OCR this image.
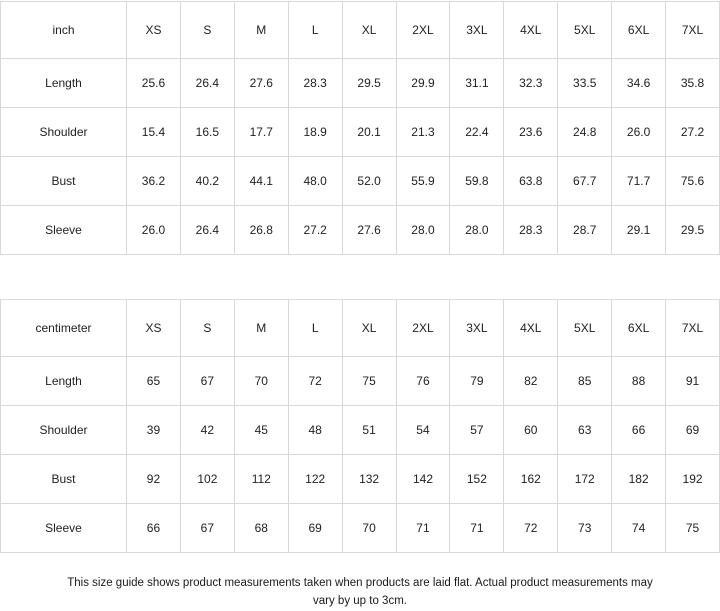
inch	XS	S	M	L	XL	2XL	3XL	4XL	5XL	6XL	7XL
Length	25.6	26.4	27.6	28.3	29.5	29.9	31.1	32.3	33.5	34.6	35.8
Shoulder	15.4	16.5	17.7	18.9	20.1	21.3	22.4	23.6	24.8	26.0	27.2
Bust	36.2	40.2	44.1	48.0	52.0	55.9	59.8	63.8	67.7	71.7	75.6
Sleeve	26.0	26.4	26.8	27.2	27.6	28.0	28.0	28.3	28.7	29.1	29.5
centimeter	XS	S	M	L	XL	2XL	3XL	4XL	5XL	6XL	7XL
Length	65	67	70	72	75	76	79	82	85	88	91
Shoulder	39	42	45	48	51	54	57	60	63	66	69
Bust	92	102	112	122	132	142	152	162	172	182	192
Sleeve	66	67	68	69	70	71	71	72	73	74	75
This size guide shows product measurements taken when products are laid flat. Actual product measurements may vary by up to 3cm.
